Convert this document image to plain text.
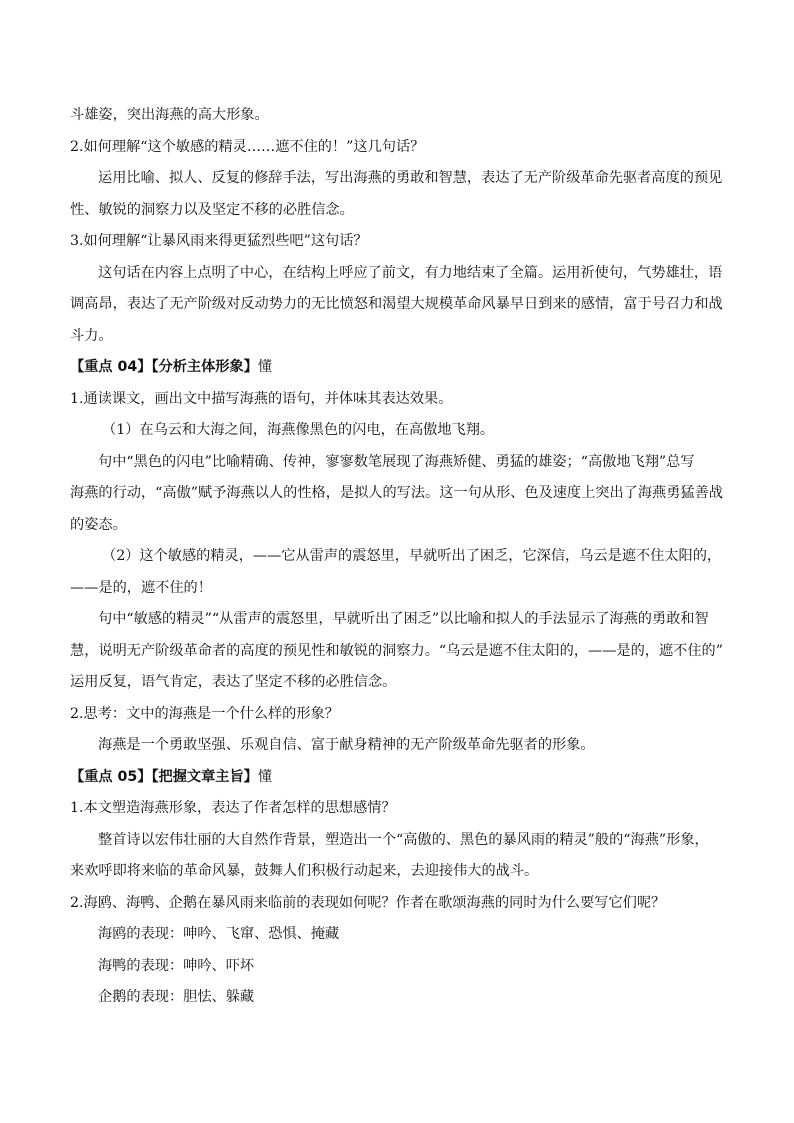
斗雄姿，突出海燕的高大形象。

2.如何理解“这个敏感的精灵……遮不住的！”这几句话？

运用比喻、拟人、反复的修辞手法，写出海燕的勇敢和智慧，表达了无产阶级革命先驱者高度的预见

性、敏锐的洞察力以及坚定不移的必胜信念。

3.如何理解“让暴风雨来得更猛烈些吧”这句话？

这句话在内容上点明了中心，在结构上呼应了前文，有力地结束了全篇。运用祈使句，气势雄壮，语

调高昂，表达了无产阶级对反动势力的无比愤怒和渴望大规模革命风暴早日到来的感情，富于号召力和战

斗力。

【重点 04】【分析主体形象】懂

1.通读课文，画出文中描写海燕的语句，并体味其表达效果。

（1）在乌云和大海之间，海燕像黑色的闪电，在高傲地飞翔。

句中“黑色的闪电”比喻精确、传神，寥寥数笔展现了海燕矫健、勇猛的雄姿；“高傲地飞翔”总写

海燕的行动，“高傲”赋予海燕以人的性格，是拟人的写法。这一句从形、色及速度上突出了海燕勇猛善战

的姿态。

（2）这个敏感的精灵，——它从雷声的震怒里，早就听出了困乏，它深信，乌云是遮不住太阳的，

——是的，遮不住的！

句中“敏感的精灵”“从雷声的震怒里，早就听出了困乏”以比喻和拟人的手法显示了海燕的勇敢和智

慧，说明无产阶级革命者的高度的预见性和敏锐的洞察力。“乌云是遮不住太阳的，——是的，遮不住的”

运用反复，语气肯定，表达了坚定不移的必胜信念。

2.思考：文中的海燕是一个什么样的形象？

海燕是一个勇敢坚强、乐观自信、富于献身精神的无产阶级革命先驱者的形象。

【重点 05】【把握文章主旨】懂

1.本文塑造海燕形象，表达了作者怎样的思想感情？

整首诗以宏伟壮丽的大自然作背景，塑造出一个“高傲的、黑色的暴风雨的精灵”般的“海燕”形象，

来欢呼即将来临的革命风暴，鼓舞人们积极行动起来，去迎接伟大的战斗。

2.海鸥、海鸭、企鹅在暴风雨来临前的表现如何呢？作者在歌颂海燕的同时为什么要写它们呢？

海鸥的表现：呻吟、飞窜、恐惧、掩藏

海鸭的表现：呻吟、吓坏

企鹅的表现：胆怯、躲藏
